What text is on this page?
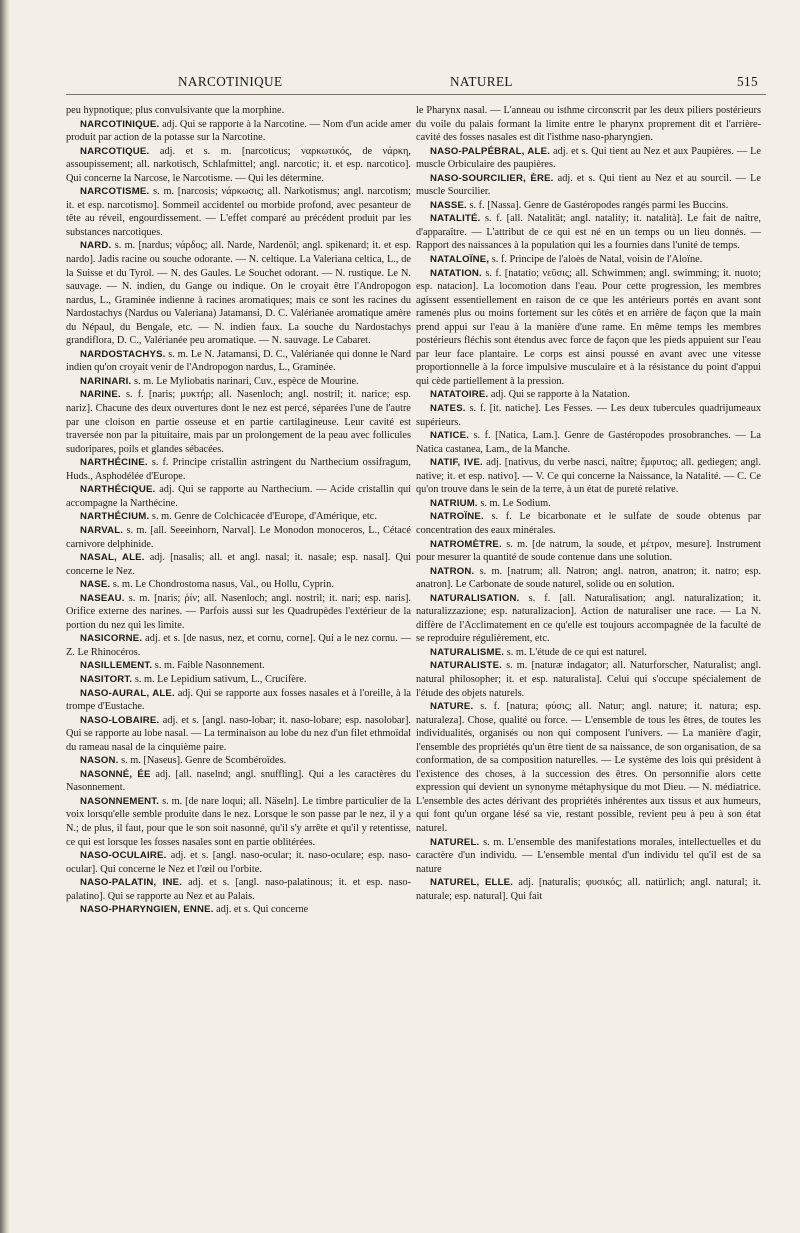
NARCOTINIQUE	NATUREL	515

peu hypnotique; plus convulsivante que la morphine.

NARCOTINIQUE. adj. Qui se rapporte à la Narcotine. — Nom d'un acide amer produit par action de la potasse sur la Narcotine.

NARCOTIQUE. adj. et s. m. [narcoticus; ναρκωτικός, de νάρκη, assoupissement; all. narkotisch, Schlafmittel; angl. narcotic; it. et esp. narcotico]. Qui concerne la Narcose, le Narcotisme. — Qui les détermine.

NARCOTISME. s. m. [narcosis; νάρκωσις; all. Narkotismus; angl. narcotism; it. et esp. narcotismo]. Sommeil accidentel ou morbide profond, avec pesanteur de tête au réveil, engourdissement. — L'effet comparé au précédent produit par les substances narcotiques.

NARD. s. m. [nardus; νάρδος; all. Narde, Nardenöl; angl. spikenard; it. et esp. nardo]. Jadis racine ou souche odorante. — N. celtique. La Valeriana celtica, L., de la Suisse et du Tyrol. — N. des Gaules. Le Souchet odorant. — N. rustique. Le N. sauvage. — N. indien, du Gange ou indique. On le croyait être l'Andropogon nardus, L., Graminée indienne à racines aromatiques; mais ce sont les racines du Nardostachys (Nardus ou Valeriana) Jatamansi, D. C. Valérianée aromatique amère du Népaul, du Bengale, etc. — N. indien faux. La souche du Nardostachys grandiflora, D. C., Valérianée peu aromatique. — N. sauvage. Le Cabaret.

NARDOSTACHYS. s. m. Le N. Jatamansi, D. C., Valérianée qui donne le Nard indien qu'on croyait venir de l'Andropogon nardus, L., Graminée.

NARINARI. s. m. Le Myliobatis narinari, Cuv., espèce de Mourine.

NARINE. s. f. [naris; μυκτήρ; all. Nasenloch; angl. nostril; it. narice; esp. nariz]. Chacune des deux ouvertures dont le nez est percé, séparées l'une de l'autre par une cloison en partie osseuse et en partie cartilagineuse. Leur cavité est traversée non par la pituitaire, mais par un prolongement de la peau avec follicules sudoripares, poils et glandes sébacées.

NARTHÉCINE. s. f. Principe cristallin astringent du Narthecium ossifragum, Huds., Asphodélée d'Europe.

NARTHÉCIQUE. adj. Qui se rapporte au Narthecium. — Acide cristallin qui accompagne la Narthécine.

NARTHÉCIUM. s. m. Genre de Colchicacée d'Europe, d'Amérique, etc.

NARVAL. s. m. [all. Seeeinhorn, Narval]. Le Monodon monoceros, L., Cétacé carnivore delphinide.

NASAL, ALE. adj. [nasalis; all. et angl. nasal; it. nasale; esp. nasal]. Qui concerne le Nez.

NASE. s. m. Le Chondrostoma nasus, Val., ou Hollu, Cyprin.

NASEAU. s. m. [naris; ῥίν; all. Nasenloch; angl. nostril; it. nari; esp. naris]. Orifice externe des narines. — Parfois aussi sur les Quadrupèdes l'extérieur de la portion du nez qui les limite.

NASICORNE. adj. et s. [de nasus, nez, et cornu, corne]. Qui a le nez cornu. — Z. Le Rhinocéros.

NASILLEMENT. s. m. Faible Nasonnement.

NASITORT. s. m. Le Lepidium sativum, L., Crucifère.

NASO-AURAL, ALE. adj. Qui se rapporte aux fosses nasales et à l'oreille, à la trompe d'Eustache.

NASO-LOBAIRE. adj. et s. [angl. naso-lobar; it. naso-lobare; esp. nasolobar]. Qui se rapporte au lobe nasal. — La terminaison au lobe du nez d'un filet ethmoïdal du rameau nasal de la cinquième paire.

NASON. s. m. [Naseus]. Genre de Scombéroïdes.

NASONNÉ, ÉE adj. [all. naselnd; angl. snuffling]. Qui a les caractères du Nasonnement.

NASONNEMENT. s. m. [de nare loqui; all. Näseln]. Le timbre particulier de la voix lorsqu'elle semble produite dans le nez. Lorsque le son passe par le nez, il y a N.; de plus, il faut, pour que le son soit nasonné, qu'il s'y arrête et qu'il y retentisse, ce qui est lorsque les fosses nasales sont en partie oblitérées.

NASO-OCULAIRE. adj. et s. [angl. naso-ocular; it. naso-oculare; esp. naso-ocular]. Qui concerne le Nez et l'œil ou l'orbite.

NASO-PALATIN, INE. adj. et s. [angl. naso-palatinous; it. et esp. naso-palatino]. Qui se rapporte au Nez et au Palais.

NASO-PHARYNGIEN, ENNE. adj. et s. Qui concerne

le Pharynx nasal. — L'anneau ou isthme circonscrit par les deux piliers postérieurs du voile du palais formant la limite entre le pharynx proprement dit et l'arrière-cavité des fosses nasales est dit l'isthme naso-pharyngien.

NASO-PALPÉBRAL, ALE. adj. et s. Qui tient au Nez et aux Paupières. — Le muscle Orbiculaire des paupières.

NASO-SOURCILIER, ÈRE. adj. et s. Qui tient au Nez et au sourcil. — Le muscle Sourcilier.

NASSE. s. f. [Nassa]. Genre de Gastéropodes rangés parmi les Buccins.

NATALITÉ. s. f. [all. Natalität; angl. natality; it. natalità]. Le fait de naître, d'apparaître. — L'attribut de ce qui est né en un temps ou un lieu donnés. — Rapport des naissances à la population qui les a fournies dans l'unité de temps.

NATALOÏNE, s. f. Principe de l'aloès de Natal, voisin de l'Aloïne.

NATATION. s. f. [natatio; νεῦσις; all. Schwimmen; angl. swimming; it. nuoto; esp. natacion]. La locomotion dans l'eau. Pour cette progression, les membres agissent essentiellement en raison de ce que les antérieurs portés en avant sont ramenés plus ou moins fortement sur les côtés et en arrière de façon que la main prend appui sur l'eau à la manière d'une rame. En même temps les membres postérieurs fléchis sont étendus avec force de façon que les pieds appuient sur l'eau par leur face plantaire. Le corps est ainsi poussé en avant avec une vitesse proportionnelle à la force impulsive musculaire et à la résistance du point d'appui qui cède partiellement à la pression.

NATATOIRE. adj. Qui se rapporte à la Natation.

NATES. s. f. [it. natiche]. Les Fesses. — Les deux tubercules quadrijumeaux supérieurs.

NATICE. s. f. [Natica, Lam.]. Genre de Gastéropodes prosobranches. — La Natica castanea, Lam., de la Manche.

NATIF, IVE. adj. [nativus, du verbe nasci, naître; ἔμφυτος; all. gediegen; angl. native; it. et esp. nativo]. — V. Ce qui concerne la Naissance, la Natalité. — C. Ce qu'on trouve dans le sein de la terre, à un état de pureté relative.

NATRIUM. s. m. Le Sodium.

NATROÏNE. s. f. Le bicarbonate et le sulfate de soude obtenus par concentration des eaux minérales.

NATROMÈTRE. s. m. [de natrum, la soude, et μέτρον, mesure]. Instrument pour mesurer la quantité de soude contenue dans une solution.

NATRON. s. m. [natrum; all. Natron; angl. natron, anatron; it. natro; esp. anatron]. Le Carbonate de soude naturel, solide ou en solution.

NATURALISATION. s. f. [all. Naturalisation; angl. naturalization; it. naturalizzazione; esp. naturalizacion]. Action de naturaliser une race. — La N. diffère de l'Acclimatement en ce qu'elle est toujours accompagnée de la faculté de se reproduire régulièrement, etc.

NATURALISME. s. m. L'étude de ce qui est naturel.

NATURALISTE. s. m. [naturæ indagator; all. Naturforscher, Naturalist; angl. natural philosopher; it. et esp. naturalista]. Celui qui s'occupe spécialement de l'étude des objets naturels.

NATURE. s. f. [natura; φύσις; all. Natur; angl. nature; it. natura; esp. naturaleza]. Chose, qualité ou force. — L'ensemble de tous les êtres, de toutes les individualités, organisés ou non qui composent l'univers. — La manière d'agir, l'ensemble des propriétés qu'un être tient de sa naissance, de son organisation, de sa conformation, de sa composition naturelles. — Le système des lois qui président à l'existence des choses, à la succession des êtres. On personnifie alors cette expression qui devient un synonyme métaphysique du mot Dieu. — N. médiatrice. L'ensemble des actes dérivant des propriétés inhérentes aux tissus et aux humeurs, qui font qu'un organe lésé sa vie, restant possible, revient peu à peu à son état naturel.

NATUREL. s. m. L'ensemble des manifestations morales, intellectuelles et du caractère d'un individu. — L'ensemble mental d'un individu tel qu'il est de sa nature

NATUREL, ELLE. adj. [naturalis; φυσικός; all. natürlich; angl. natural; it. naturale; esp. natural]. Qui fait
